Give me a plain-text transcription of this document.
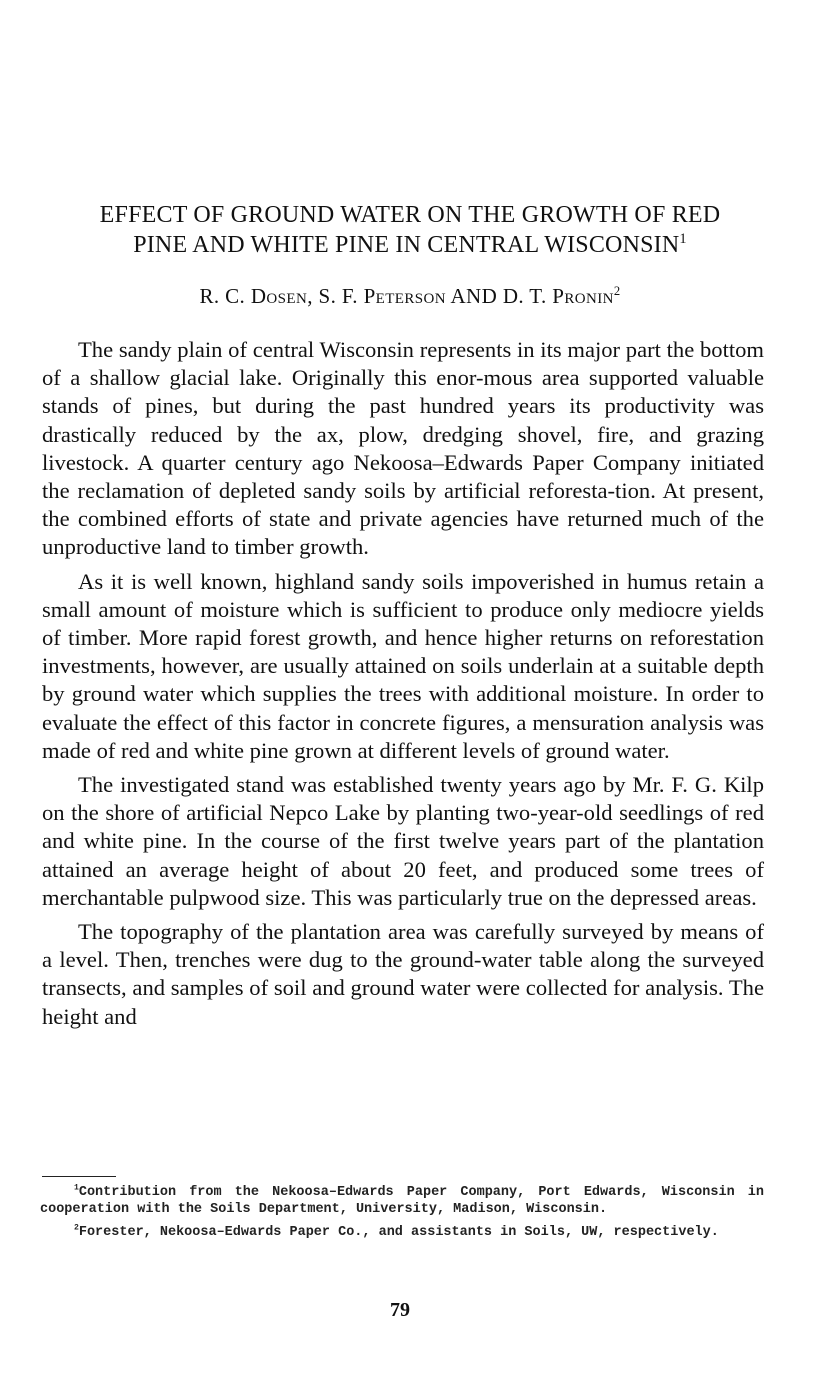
EFFECT OF GROUND WATER ON THE GROWTH OF RED
PINE AND WHITE PINE IN CENTRAL WISCONSIN$^1$
R. C. Dosen, S. F. Peterson AND D. T. Pronin$^2$

The sandy plain of central Wisconsin represents in its major part the bottom of a shallow glacial lake. Originally this enor-mous area supported valuable stands of pines, but during the past hundred years its productivity was drastically reduced by the ax, plow, dredging shovel, fire, and grazing livestock. A quarter century ago Nekoosa–Edwards Paper Company initiated the reclamation of depleted sandy soils by artificial reforesta-tion. At present, the combined efforts of state and private agencies have returned much of the unproductive land to timber growth.

As it is well known, highland sandy soils impoverished in humus retain a small amount of moisture which is sufficient to produce only mediocre yields of timber. More rapid forest growth, and hence higher returns on reforestation investments, however, are usually attained on soils underlain at a suitable depth by ground water which supplies the trees with additional moisture. In order to evaluate the effect of this factor in concrete figures, a mensuration analysis was made of red and white pine grown at different levels of ground water.

The investigated stand was established twenty years ago by Mr. F. G. Kilp on the shore of artificial Nepco Lake by planting two-year-old seedlings of red and white pine. In the course of the first twelve years part of the plantation attained an average height of about 20 feet, and produced some trees of merchantable pulpwood size. This was particularly true on the depressed areas.

The topography of the plantation area was carefully surveyed by means of a level. Then, trenches were dug to the ground-water table along the surveyed transects, and samples of soil and ground water were collected for analysis. The height and

$^1$Contribution from the Nekoosa–Edwards Paper Company, Port Edwards, Wisconsin in cooperation with the Soils Department, University, Madison, Wisconsin.

$^2$Forester, Nekoosa–Edwards Paper Co., and assistants in Soils, UW, respectively.

79
